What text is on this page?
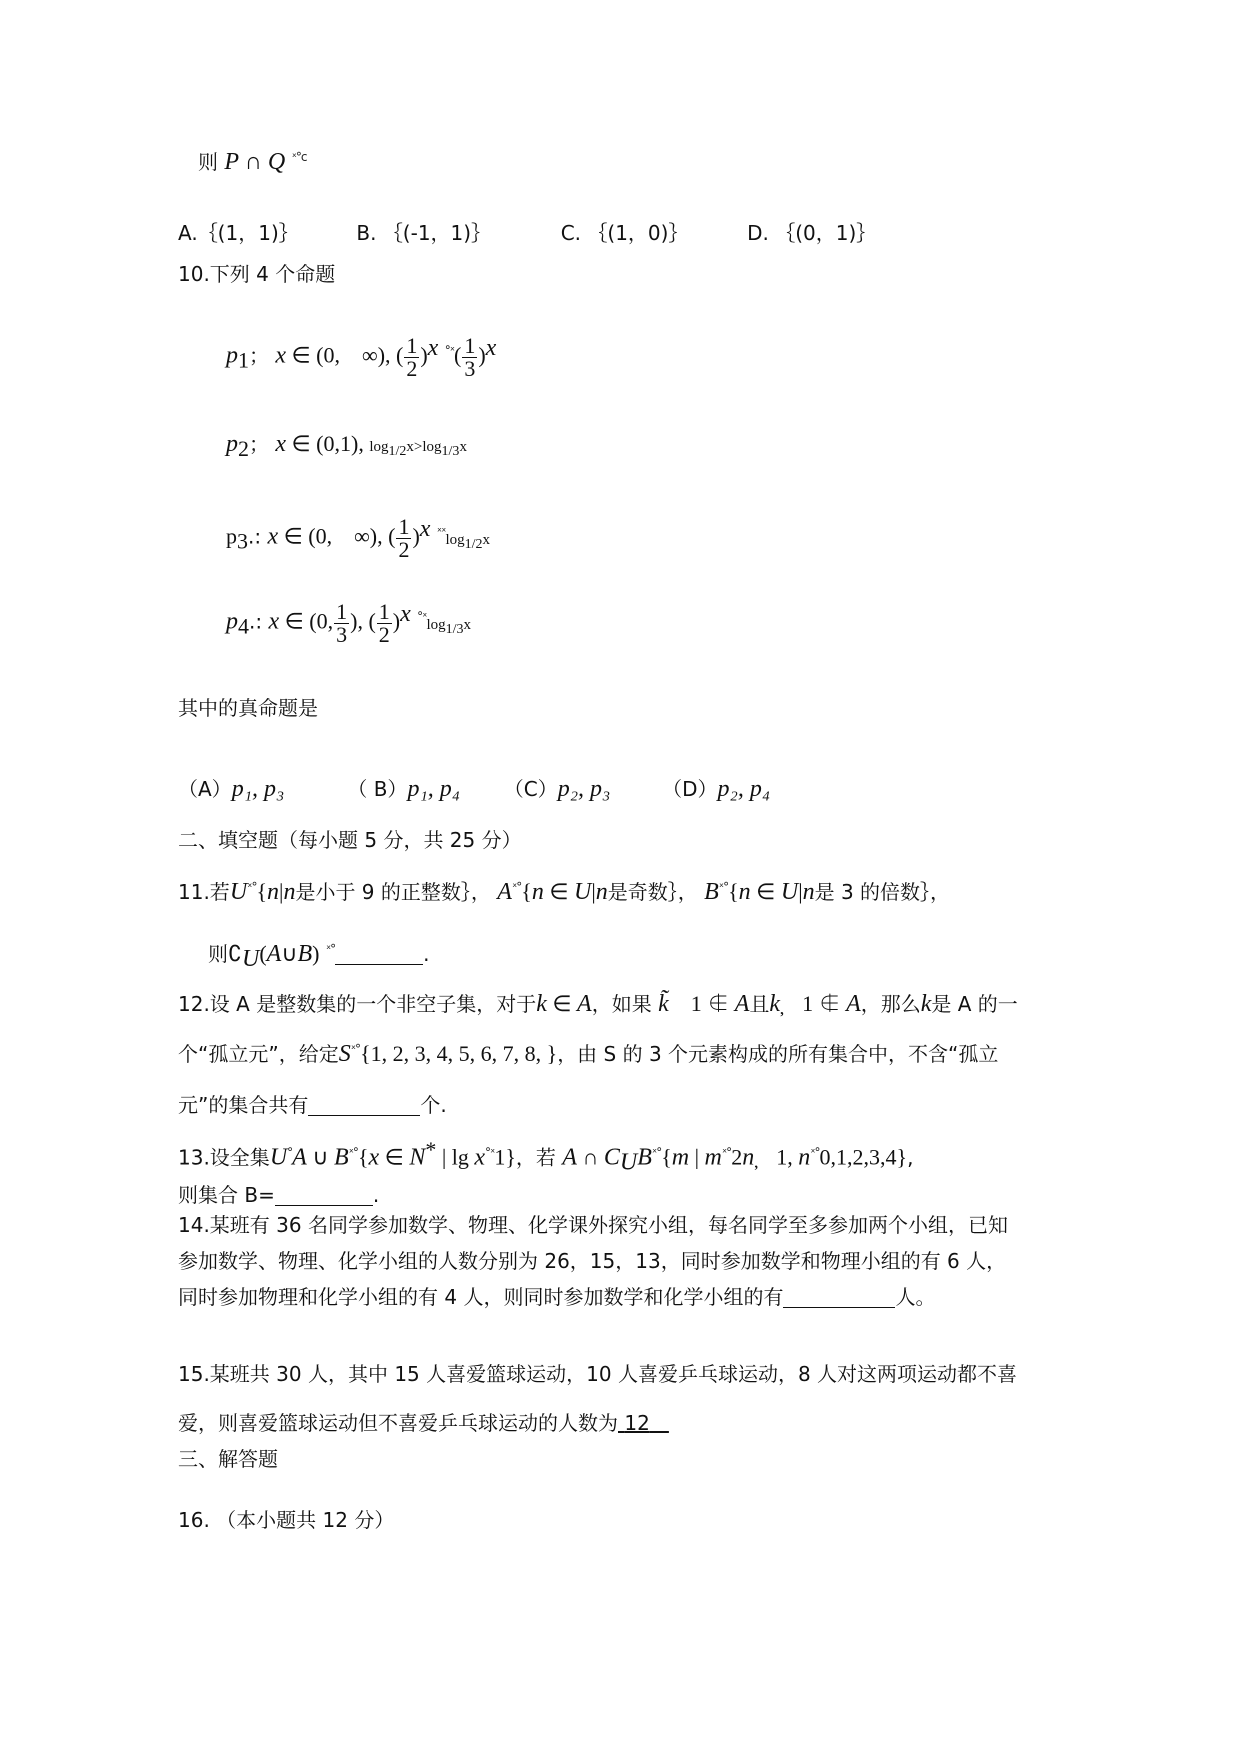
则 P ∩ Q $^{ˣ^\circ c}$
A.｛(1，1)｝	B. ｛(-1，1)｝	C. ｛(1，0)｝	D. ｛(0，1)｝
10.下列 4 个命题
$p_1$； x ∈ (0,　∞), ( $\frac{1}{2} )^x$ $^{^\circ ˣ}( \frac{1}{3} )^x$
$p_2$； x ∈ (0,1), $\log_{1/2}x>\log_{1/3}x$
$p_3$.: x ∈ (0,　∞), ( $\frac{1}{2} )^x$ $^{ˣˣ}\log_{1/2}x$
$p_4$.: x ∈ (0, $\frac{1}{3}$ ), ( $\frac{1}{2} )^x$ $^{^\circ ˣ}\log_{1/3}x$
其中的真命题是
（A）p₁, p₃	（ B）p₁, p₄ （C）p₂, p₃	（D）p₂, p₄
二、填空题（每小题 5 分，共 25 分）
11.若$U^{ˣ^\circ}\{n|n$是小于 9 的正整数｝， $A^{ˣ^\circ}\{n$ ∈ U|n是奇数｝， $B^{ˣ^\circ}\{n$ ∈ U|n是 3 的倍数｝，
则$∁_U(A\cup B)$ $^{ˣ^\circ}$	.
12.设 A 是整数集的一个非空子集，对于k ∈ A，如果 k̃　1 ∉ A且k̦　1 ∉ A，那么k是 A 的一
个“孤立元”，给定$S^{ˣ^\circ}\{1$, 2, 3, 4, 5, 6, 7, 8, }，由 S 的 3 个元素构成的所有集合中，不含“孤立
元”的集合共有	个.
13.设全集U°A ∪ $B^{ˣ^\circ}\{x$ ∈ N* | $\lg x^{^\circ ˣ}1$}，若 A ∩ $C_UB^{ˣ^\circ}\{m$ | $m^{ˣ^\circ}2n̦$　1, $n^{ˣ^\circ}0,1,2,3,4$},
则集合 B=	.
14.某班有 36 名同学参加数学、物理、化学课外探究小组，每名同学至多参加两个小组，已知
参加数学、物理、化学小组的人数分别为 26，15，13，同时参加数学和物理小组的有 6 人，
同时参加物理和化学小组的有 4 人，则同时参加数学和化学小组的有	人。
15.某班共 30 人，其中 15 人喜爱篮球运动，10 人喜爱乒乓球运动，8 人对这两项运动都不喜
爱，则喜爱篮球运动但不喜爱乒乓球运动的人数为 12
三、解答题
16. （本小题共 12 分）
